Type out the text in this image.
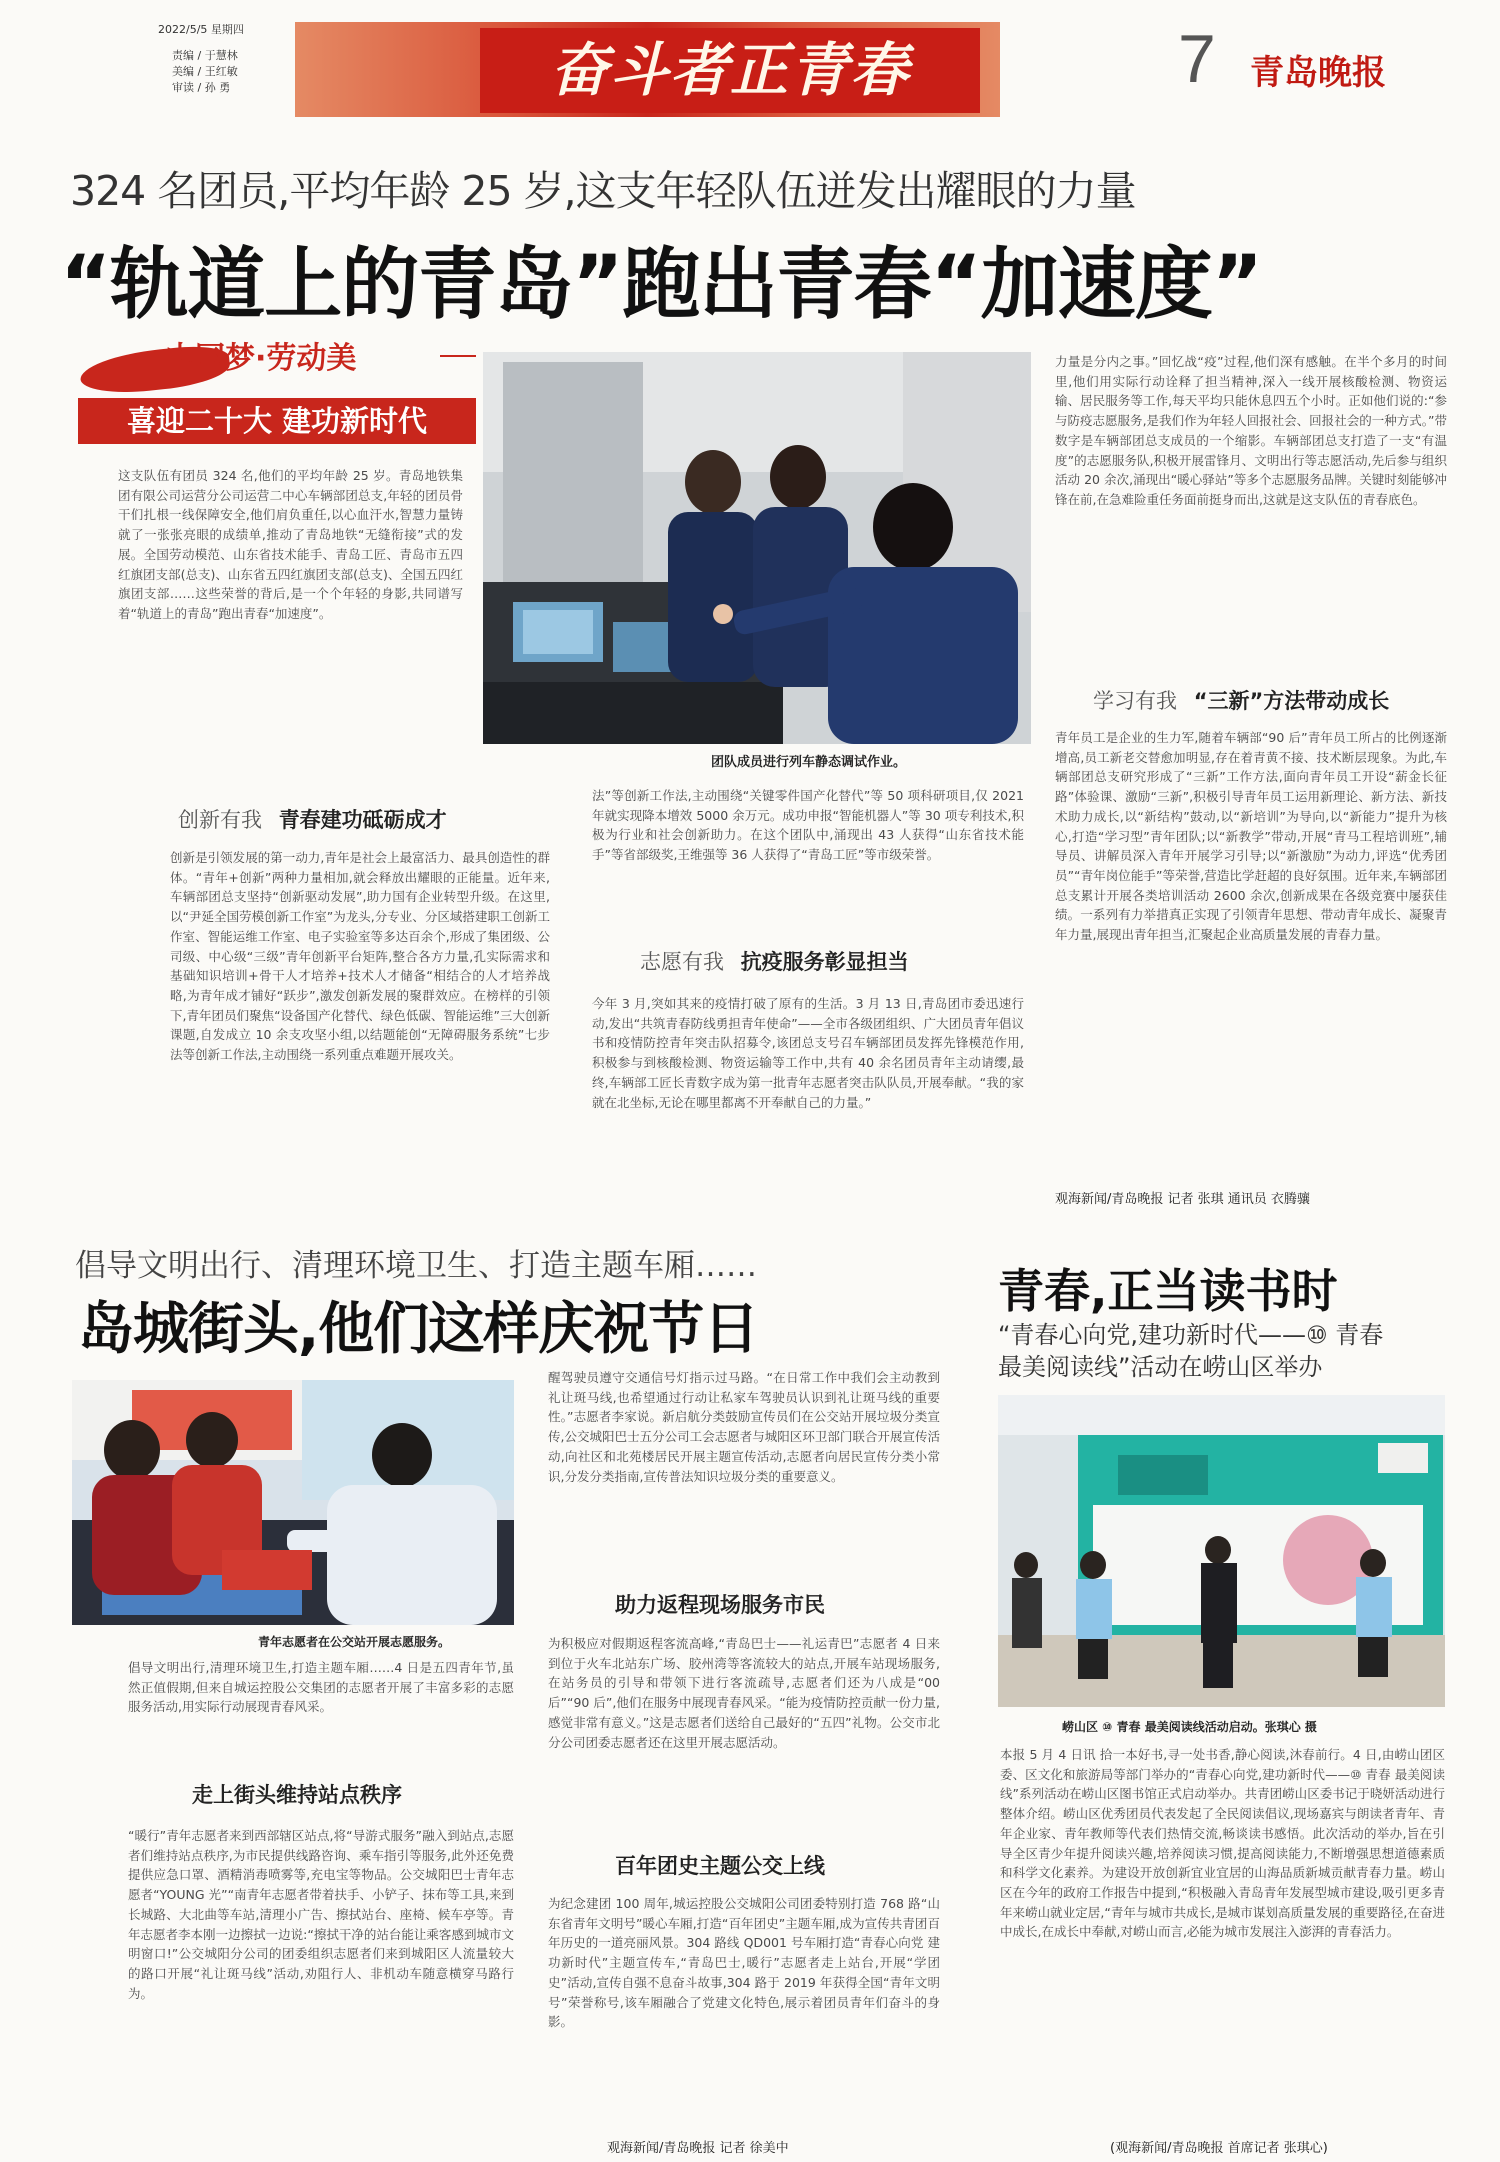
2022/5/5 星期四
责编 / 于慧林
美编 / 王红敏
审读 / 孙 勇	奋斗者正青春	7 青岛晚报
324 名团员,平均年龄 25 岁,这支年轻队伍迸发出耀眼的力量
“轨道上的青岛”跑出青春“加速度”
中国梦·劳动美
喜迎二十大 建功新时代
这支队伍有团员 324 名,他们的平均年龄 25 岁。青岛地铁集团有限公司运营分公司运营二中心车辆部团总支,年轻的团员骨干们扎根一线保障安全,他们肩负重任,以心血汗水,智慧力量铸就了一张张亮眼的成绩单,推动了青岛地铁“无缝衔接”式的发展。全国劳动模范、山东省技术能手、青岛工匠、青岛市五四红旗团支部(总支)、山东省五四红旗团支部(总支)、全国五四红旗团支部……这些荣誉的背后,是一个个年轻的身影,共同谱写着“轨道上的青岛”跑出青春“加速度”。
团队成员进行列车静态调试作业。
创新有我 青春建功砥砺成才
创新是引领发展的第一动力,青年是社会上最富活力、最具创造性的群体。“青年+创新”两种力量相加,就会释放出耀眼的正能量。近年来,车辆部团总支坚持“创新驱动发展”,助力国有企业转型升级。在这里,以“尹延全国劳模创新工作室”为龙头,分专业、分区域搭建职工创新工作室、智能运维工作室、电子实验室等多达百余个,形成了集团级、公司级、中心级“三级”青年创新平台矩阵,整合各方力量,孔实际需求和基础知识培训+骨干人才培养+技术人才储备“相结合的人才培养战略,为青年成才铺好“跃步”,激发创新发展的聚群效应。在榜样的引领下,青年团员们聚焦“设备国产化替代、绿色低碳、智能运维”三大创新课题,自发成立 10 余支攻坚小组,以结题能创“无障碍服务系统”七步法等创新工作法,主动围绕一系列重点难题开展攻关。
法”等创新工作法,主动围绕“关键零件国产化替代”等 50 项科研项目,仅 2021 年就实现降本增效 5000 余万元。成功申报“智能机器人”等 30 项专利技术,积极为行业和社会创新助力。在这个团队中,涌现出 43 人获得“山东省技术能手”等省部级奖,王维强等 36 人获得了“青岛工匠”等市级荣誉。
志愿有我 抗疫服务彰显担当
今年 3 月,突如其来的疫情打破了原有的生活。3 月 13 日,青岛团市委迅速行动,发出“共筑青春防线勇担青年使命”——全市各级团组织、广大团员青年倡议书和疫情防控青年突击队招募令,该团总支号召车辆部团员发挥先锋模范作用,积极参与到核酸检测、物资运输等工作中,共有 40 余名团员青年主动请缨,最终,车辆部工匠长青数字成为第一批青年志愿者突击队队员,开展奉献。“我的家就在北坐标,无论在哪里都离不开奉献自己的力量。”
力量是分内之事。”回忆战“疫”过程,他们深有感触。在半个多月的时间里,他们用实际行动诠释了担当精神,深入一线开展核酸检测、物资运输、居民服务等工作,每天平均只能休息四五个小时。正如他们说的:“参与防疫志愿服务,是我们作为年轻人回报社会、回报社会的一种方式。”带数字是车辆部团总支成员的一个缩影。车辆部团总支打造了一支“有温度”的志愿服务队,积极开展雷锋月、文明出行等志愿活动,先后参与组织活动 20 余次,涌现出“暖心驿站”等多个志愿服务品牌。关键时刻能够冲锋在前,在急难险重任务面前挺身而出,这就是这支队伍的青春底色。
学习有我 “三新”方法带动成长
青年员工是企业的生力军,随着车辆部“90 后”青年员工所占的比例逐渐增高,员工新老交替愈加明显,存在着青黄不接、技术断层现象。为此,车辆部团总支研究形成了“三新”工作方法,面向青年员工开设“薪金长征路”体验课、激励“三新”,积极引导青年员工运用新理论、新方法、新技术助力成长,以“新结构”鼓动,以“新培训”为导向,以“新能力”提升为核心,打造“学习型”青年团队;以“新教学”带动,开展“青马工程培训班”,辅导员、讲解员深入青年开展学习引导;以“新激励”为动力,评选“优秀团员”“青年岗位能手”等荣誉,营造比学赶超的良好氛围。近年来,车辆部团总支累计开展各类培训活动 2600 余次,创新成果在各级竞赛中屡获佳绩。一系列有力举措真正实现了引领青年思想、带动青年成长、凝聚青年力量,展现出青年担当,汇聚起企业高质量发展的青春力量。
观海新闻/青岛晚报 记者 张琪 通讯员 衣腾骧
倡导文明出行、清理环境卫生、打造主题车厢……
岛城街头,他们这样庆祝节日
青年志愿者在公交站开展志愿服务。
倡导文明出行,清理环境卫生,打造主题车厢……4 日是五四青年节,虽然正值假期,但来自城运控股公交集团的志愿者开展了丰富多彩的志愿服务活动,用实际行动展现青春风采。
走上街头维持站点秩序
“暖行”青年志愿者来到西部辖区站点,将“导游式服务”融入到站点,志愿者们维持站点秩序,为市民提供线路咨询、乘车指引等服务,此外还免费提供应急口罩、酒精消毒喷雾等,充电宝等物品。公交城阳巴士青年志愿者“YOUNG 光”“南青年志愿者带着扶手、小铲子、抹布等工具,来到长城路、大北曲等车站,清理小广告、擦拭站台、座椅、候车亭等。青年志愿者李本刚一边擦拭一边说:“擦拭干净的站台能让乘客感到城市文明窗口!”公交城阳分公司的团委组织志愿者们来到城阳区人流量较大的路口开展“礼让斑马线”活动,劝阻行人、非机动车随意横穿马路行为。
醒驾驶员遵守交通信号灯指示过马路。“在日常工作中我们会主动教到礼让斑马线,也希望通过行动让私家车驾驶员认识到礼让斑马线的重要性。”志愿者李家说。新启航分类鼓励宣传员们在公交站开展垃圾分类宣传,公交城阳巴士五分公司工会志愿者与城阳区环卫部门联合开展宣传活动,向社区和北苑楼居民开展主题宣传活动,志愿者向居民宣传分类小常识,分发分类指南,宣传普法知识垃圾分类的重要意义。
助力返程现场服务市民
为积极应对假期返程客流高峰,“青岛巴士——礼运青巴”志愿者 4 日来到位于火车北站东广场、胶州湾等客流较大的站点,开展车站现场服务,在站务员的引导和带领下进行客流疏导,志愿者们还为八成是“00 后”“90 后”,他们在服务中展现青春风采。“能为疫情防控贡献一份力量,感觉非常有意义。”这是志愿者们送给自己最好的“五四”礼物。公交市北分公司团委志愿者还在这里开展志愿活动。
百年团史主题公交上线
为纪念建团 100 周年,城运控股公交城阳公司团委特别打造 768 路“山东省青年文明号”暖心车厢,打造“百年团史”主题车厢,成为宣传共青团百年历史的一道亮丽风景。304 路线 QD001 号车厢打造“青春心向党 建功新时代”主题宣传车,“青岛巴士,暖行”志愿者走上站台,开展“学团史”活动,宣传自强不息奋斗故事,304 路于 2019 年获得全国“青年文明号”荣誉称号,该车厢融合了党建文化特色,展示着团员青年们奋斗的身影。
观海新闻/青岛晚报 记者 徐美中
青春,正当读书时
“青春心向党,建功新时代——⑩ 青春
最美阅读线”活动在崂山区举办
崂山区 ⑩ 青春 最美阅读线活动启动。张琪心 摄
本报 5 月 4 日讯 拾一本好书,寻一处书香,静心阅读,沐春前行。4 日,由崂山团区委、区文化和旅游局等部门举办的“青春心向党,建功新时代——⑩ 青春 最美阅读线”系列活动在崂山区图书馆正式启动举办。共青团崂山区委书记于晓妍活动进行整体介绍。崂山区优秀团员代表发起了全民阅读倡议,现场嘉宾与朗读者青年、青年企业家、青年教师等代表们热情交流,畅谈读书感悟。此次活动的举办,旨在引导全区青少年提升阅读兴趣,培养阅读习惯,提高阅读能力,不断增强思想道德素质和科学文化素养。为建设开放创新宜业宜居的山海品质新城贡献青春力量。崂山区在今年的政府工作报告中提到,“积极融入青岛青年发展型城市建设,吸引更多青年来崂山就业定居,“青年与城市共成长,是城市谋划高质量发展的重要路径,在奋进中成长,在成长中奉献,对崂山而言,必能为城市发展注入澎湃的青春活力。
(观海新闻/青岛晚报 首席记者 张琪心)
